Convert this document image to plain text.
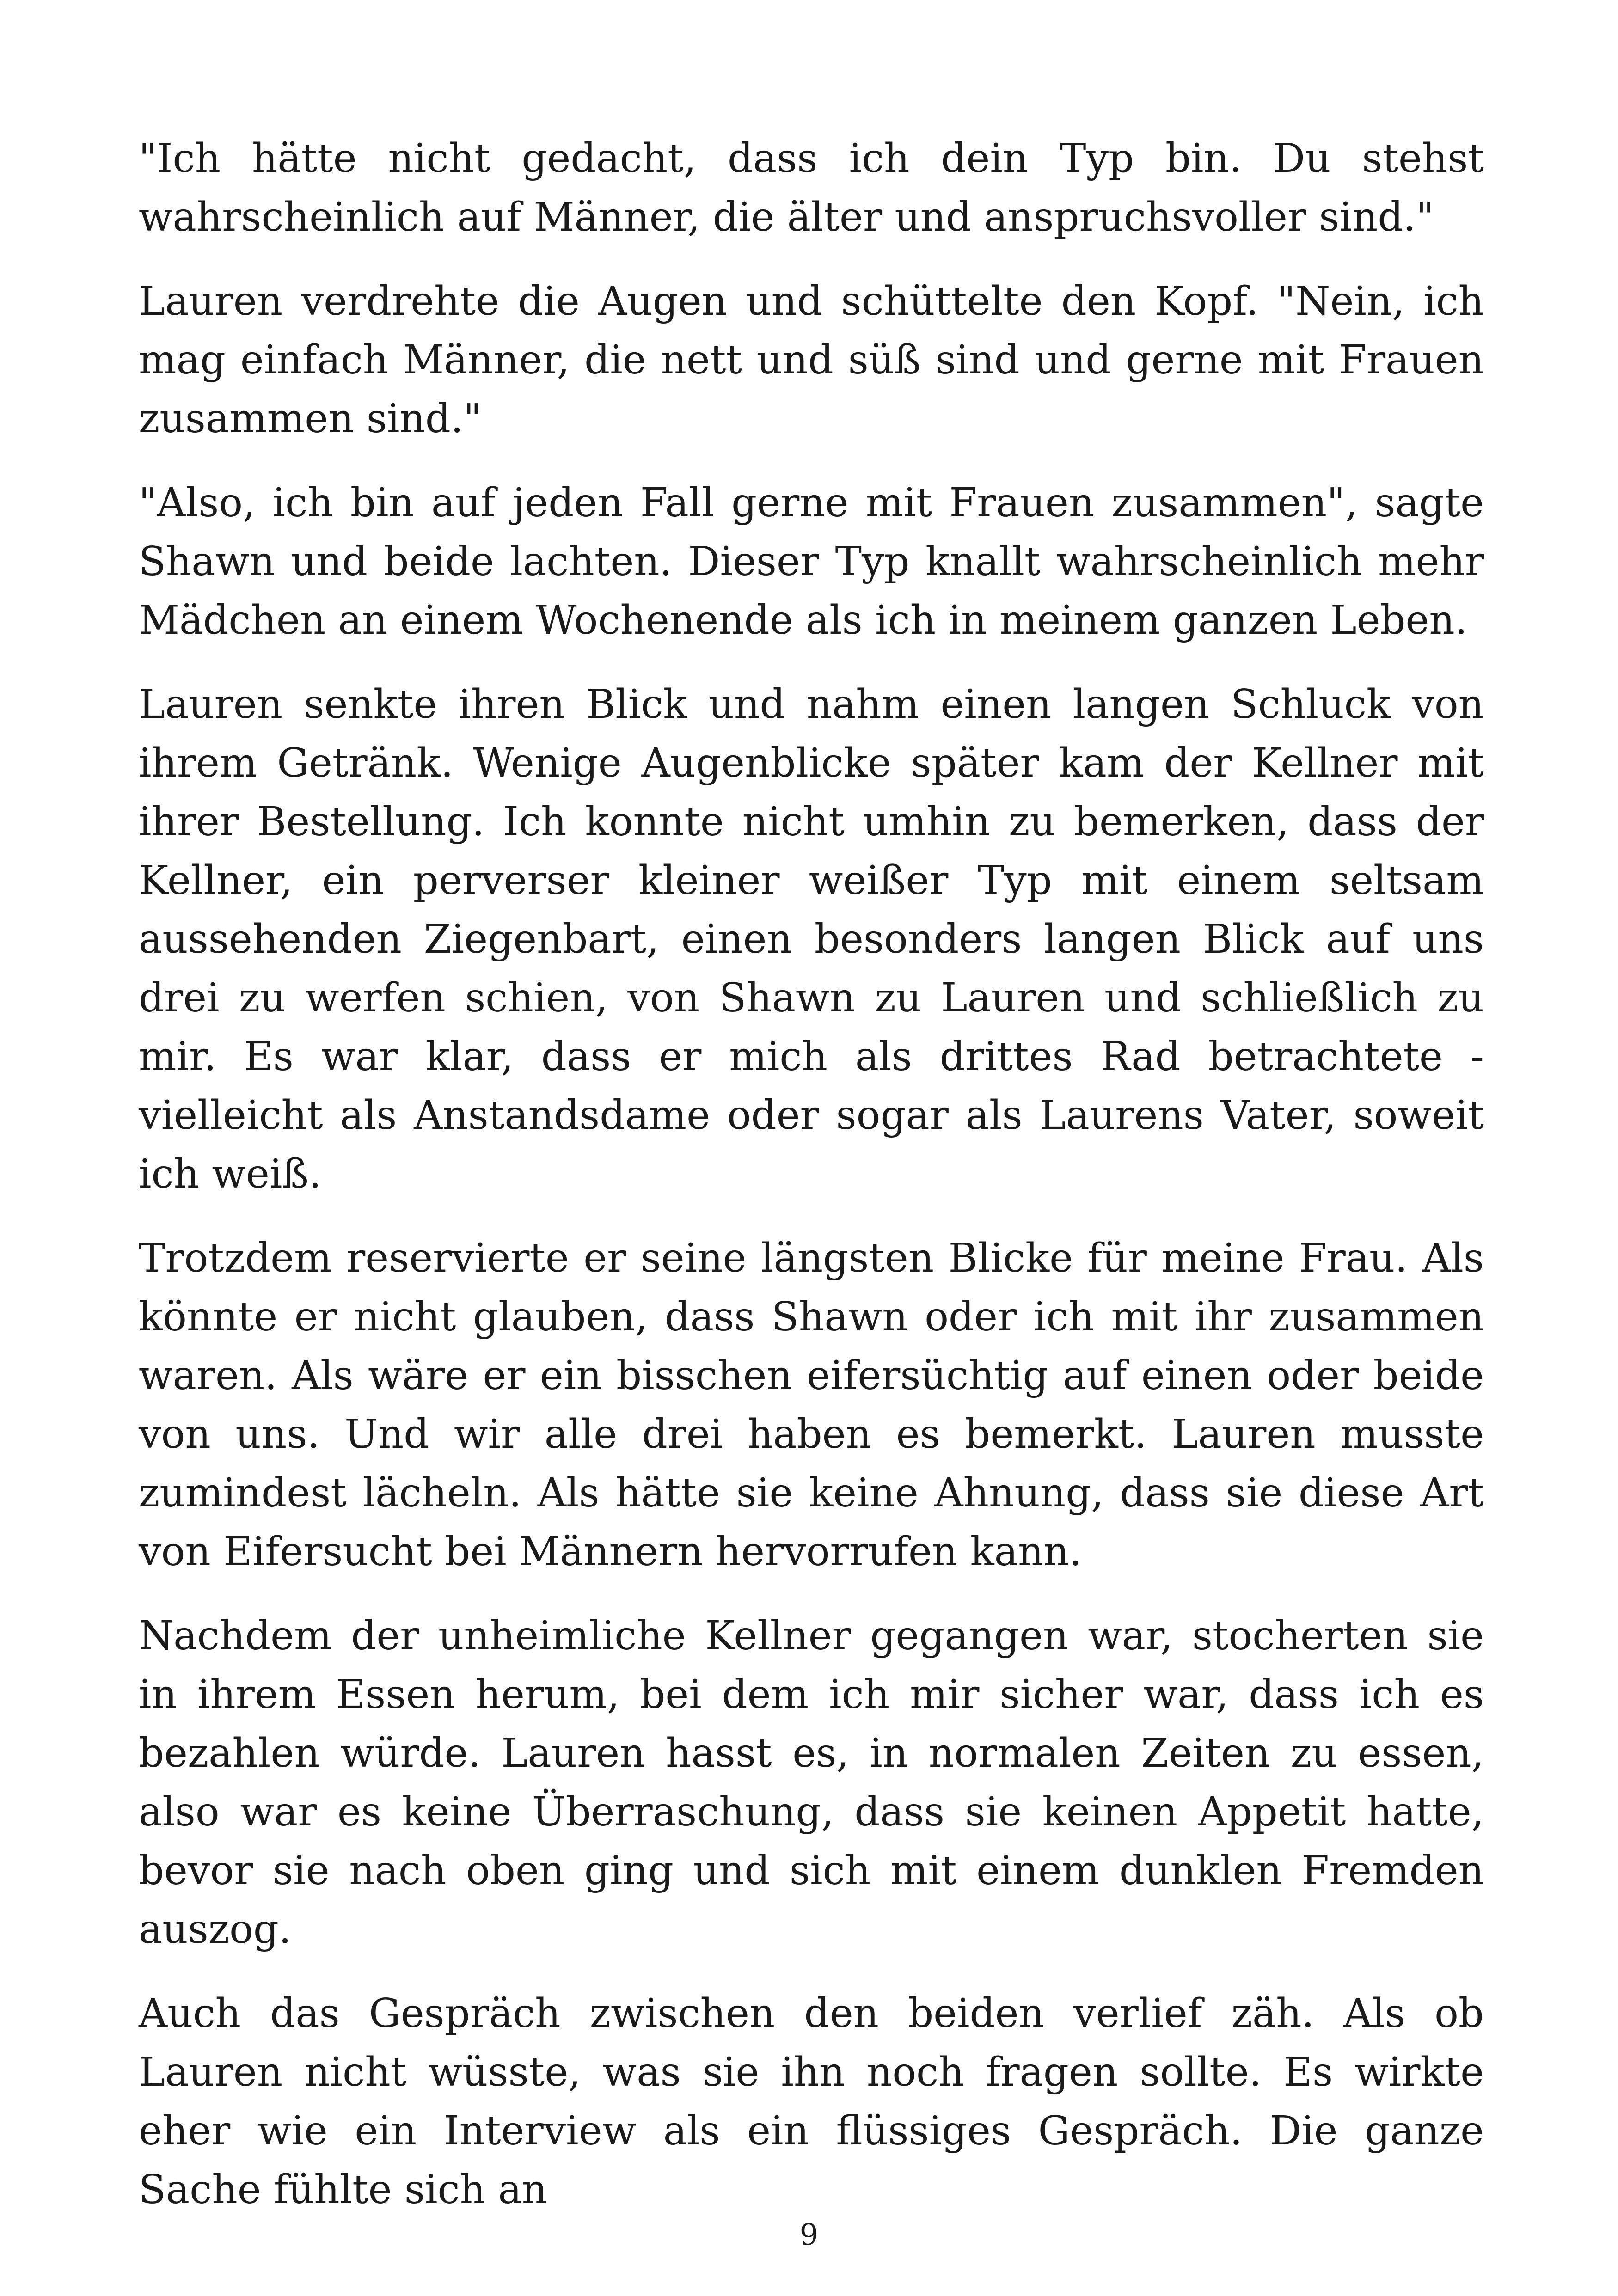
"Ich hätte nicht gedacht, dass ich dein Typ bin. Du stehst wahrscheinlich auf Männer, die älter und anspruchsvoller sind."

Lauren verdrehte die Augen und schüttelte den Kopf. "Nein, ich mag einfach Männer, die nett und süß sind und gerne mit Frauen zusammen sind."

"Also, ich bin auf jeden Fall gerne mit Frauen zusammen", sagte Shawn und beide lachten. Dieser Typ knallt wahrscheinlich mehr Mädchen an einem Wochenende als ich in meinem ganzen Leben.

Lauren senkte ihren Blick und nahm einen langen Schluck von ihrem Getränk. Wenige Augenblicke später kam der Kellner mit ihrer Bestellung. Ich konnte nicht umhin zu bemerken, dass der Kellner, ein perverser kleiner weißer Typ mit einem seltsam aussehenden Ziegenbart, einen besonders langen Blick auf uns drei zu werfen schien, von Shawn zu Lauren und schließlich zu mir. Es war klar, dass er mich als drittes Rad betrachtete - vielleicht als Anstandsdame oder sogar als Laurens Vater, soweit ich weiß.

Trotzdem reservierte er seine längsten Blicke für meine Frau. Als könnte er nicht glauben, dass Shawn oder ich mit ihr zusammen waren. Als wäre er ein bisschen eifersüchtig auf einen oder beide von uns. Und wir alle drei haben es bemerkt. Lauren musste zumindest lächeln. Als hätte sie keine Ahnung, dass sie diese Art von Eifersucht bei Männern hervorrufen kann.

Nachdem der unheimliche Kellner gegangen war, stocherten sie in ihrem Essen herum, bei dem ich mir sicher war, dass ich es bezahlen würde. Lauren hasst es, in normalen Zeiten zu essen, also war es keine Überraschung, dass sie keinen Appetit hatte, bevor sie nach oben ging und sich mit einem dunklen Fremden auszog.

Auch das Gespräch zwischen den beiden verlief zäh. Als ob Lauren nicht wüsste, was sie ihn noch fragen sollte. Es wirkte eher wie ein Interview als ein flüssiges Gespräch. Die ganze Sache fühlte sich an

9
